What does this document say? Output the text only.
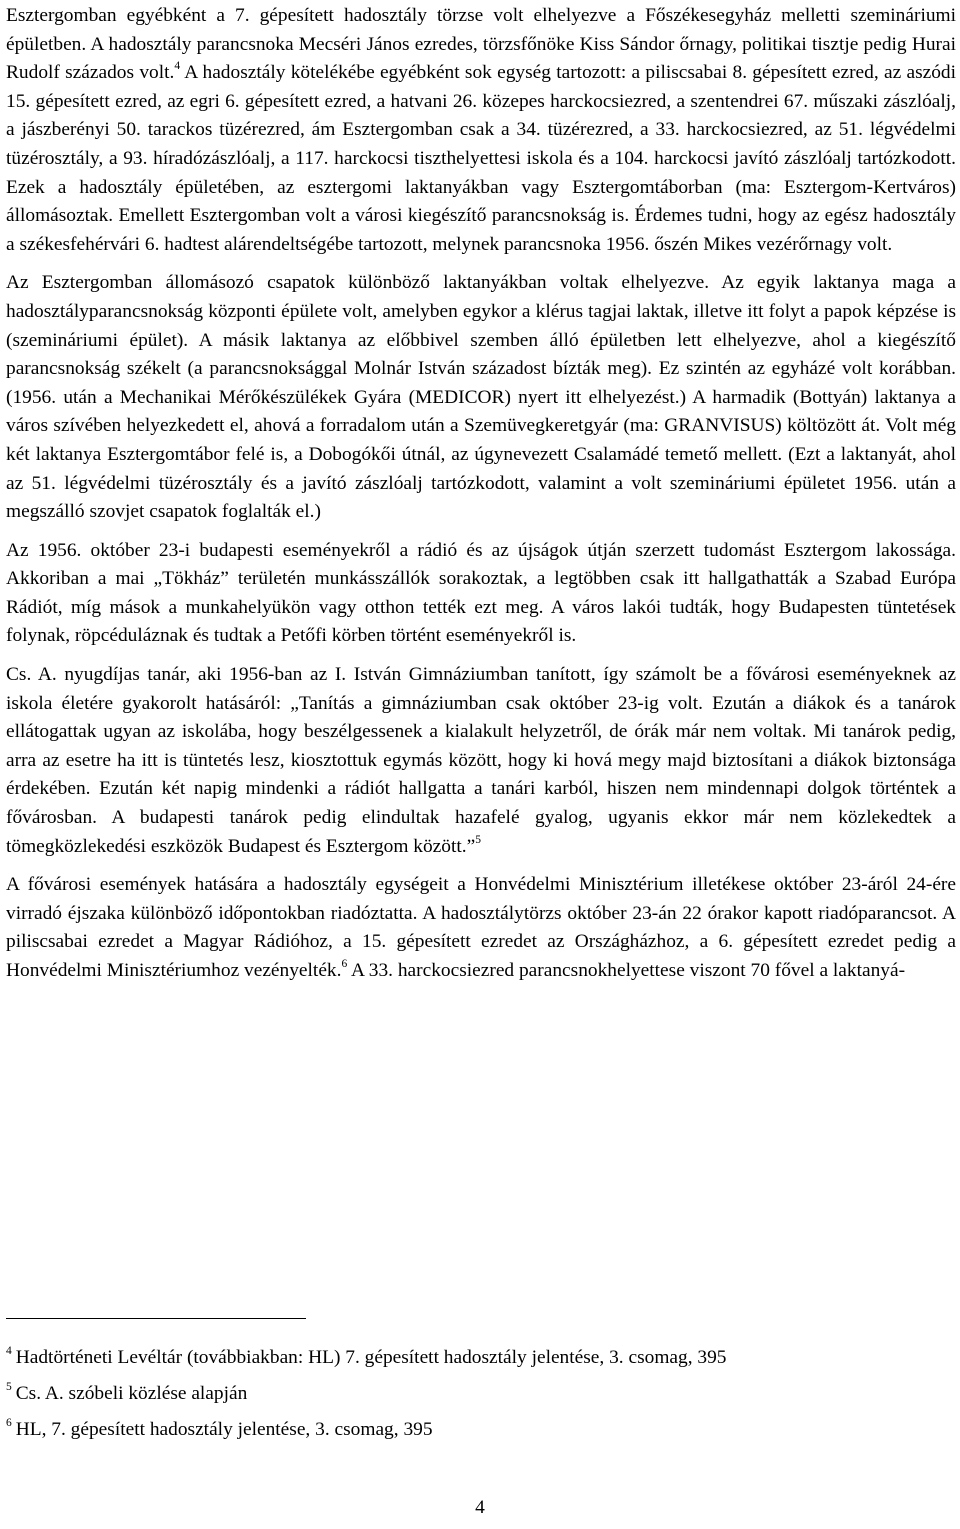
Esztergomban egyébként a 7. gépesített hadosztály törzse volt elhelyezve a Főszékesegyház melletti szemináriumi épületben. A hadosztály parancsnoka Mecséri János ezredes, törzsfőnöke Kiss Sándor őrnagy, politikai tisztje pedig Hurai Rudolf százados volt.$^4$ A hadosztály kötelékébe egyébként sok egység tartozott: a piliscsabai 8. gépesített ezred, az aszódi 15. gépesített ezred, az egri 6. gépesített ezred, a hatvani 26. közepes harckocsiezred, a szentendrei 67. műszaki zászlóalj, a jászberényi 50. tarackos tüzérezred, ám Esztergomban csak a 34. tüzérezred, a 33. harckocsiezred, az 51. légvédelmi tüzérosztály, a 93. híradózászlóalj, a 117. harckocsi tiszthelyettesi iskola és a 104. harckocsi javító zászlóalj tartózkodott. Ezek a hadosztály épületében, az esztergomi laktanyákban vagy Esztergomtáborban (ma: Esztergom-Kertváros) állomásoztak. Emellett Esztergomban volt a városi kiegészítő parancsnokság is. Érdemes tudni, hogy az egész hadosztály a székesfehérvári 6. hadtest alárendeltségébe tartozott, melynek parancsnoka 1956. őszén Mikes vezérőrnagy volt.

Az Esztergomban állomásozó csapatok különböző laktanyákban voltak elhelyezve. Az egyik laktanya maga a hadosztályparancsnokság központi épülete volt, amelyben egykor a klérus tagjai laktak, illetve itt folyt a papok képzése is (szemináriumi épület). A másik laktanya az előbbivel szemben álló épületben lett elhelyezve, ahol a kiegészítő parancsnokság székelt (a parancsnoksággal Molnár István századost bízták meg). Ez szintén az egyházé volt korábban. (1956. után a Mechanikai Mérőkészülékek Gyára (MEDICOR) nyert itt elhelyezést.) A harmadik (Bottyán) laktanya a város szívében helyezkedett el, ahová a forradalom után a Szemüvegkeretgyár (ma: GRANVISUS) költözött át. Volt még két laktanya Esztergomtábor felé is, a Dobogókői útnál, az úgynevezett Csalamádé temető mellett. (Ezt a laktanyát, ahol az 51. légvédelmi tüzérosztály és a javító zászlóalj tartózkodott, valamint a volt szemináriumi épületet 1956. után a megszálló szovjet csapatok foglalták el.)

Az 1956. október 23-i budapesti eseményekről a rádió és az újságok útján szerzett tudomást Esztergom lakossága. Akkoriban a mai „Tökház” területén munkásszállók sorakoztak, a legtöbben csak itt hallgathatták a Szabad Európa Rádiót, míg mások a munkahelyükön vagy otthon tették ezt meg. A város lakói tudták, hogy Budapesten tüntetések folynak, röpcéduláznak és tudtak a Petőfi körben történt eseményekről is.

Cs. A. nyugdíjas tanár, aki 1956-ban az I. István Gimnáziumban tanított, így számolt be a fővárosi eseményeknek az iskola életére gyakorolt hatásáról: „Tanítás a gimnáziumban csak október 23-ig volt. Ezután a diákok és a tanárok ellátogattak ugyan az iskolába, hogy beszélgessenek a kialakult helyzetről, de órák már nem voltak. Mi tanárok pedig, arra az esetre ha itt is tüntetés lesz, kiosztottuk egymás között, hogy ki hová megy majd biztosítani a diákok biztonsága érdekében. Ezután két napig mindenki a rádiót hallgatta a tanári karból, hiszen nem mindennapi dolgok történtek a fővárosban. A budapesti tanárok pedig elindultak hazafelé gyalog, ugyanis ekkor már nem közlekedtek a tömegközlekedési eszközök Budapest és Esztergom között.”$^5$

A fővárosi események hatására a hadosztály egységeit a Honvédelmi Minisztérium illetékese október 23-áról 24-ére virradó éjszaka különböző időpontokban riadóztatta. A hadosztálytörzs október 23-án 22 órakor kapott riadóparancsot. A piliscsabai ezredet a Magyar Rádióhoz, a 15. gépesített ezredet az Országházhoz, a 6. gépesített ezredet pedig a Honvédelmi Minisztériumhoz vezényelték.$^6$ A 33. harckocsiezred parancsnokhelyettese viszont 70 fővel a laktanyá-

$^4$ Hadtörténeti Levéltár (továbbiakban: HL) 7. gépesített hadosztály jelentése, 3. csomag, 395

$^5$ Cs. A. szóbeli közlése alapján

$^6$ HL, 7. gépesített hadosztály jelentése, 3. csomag, 395

4
